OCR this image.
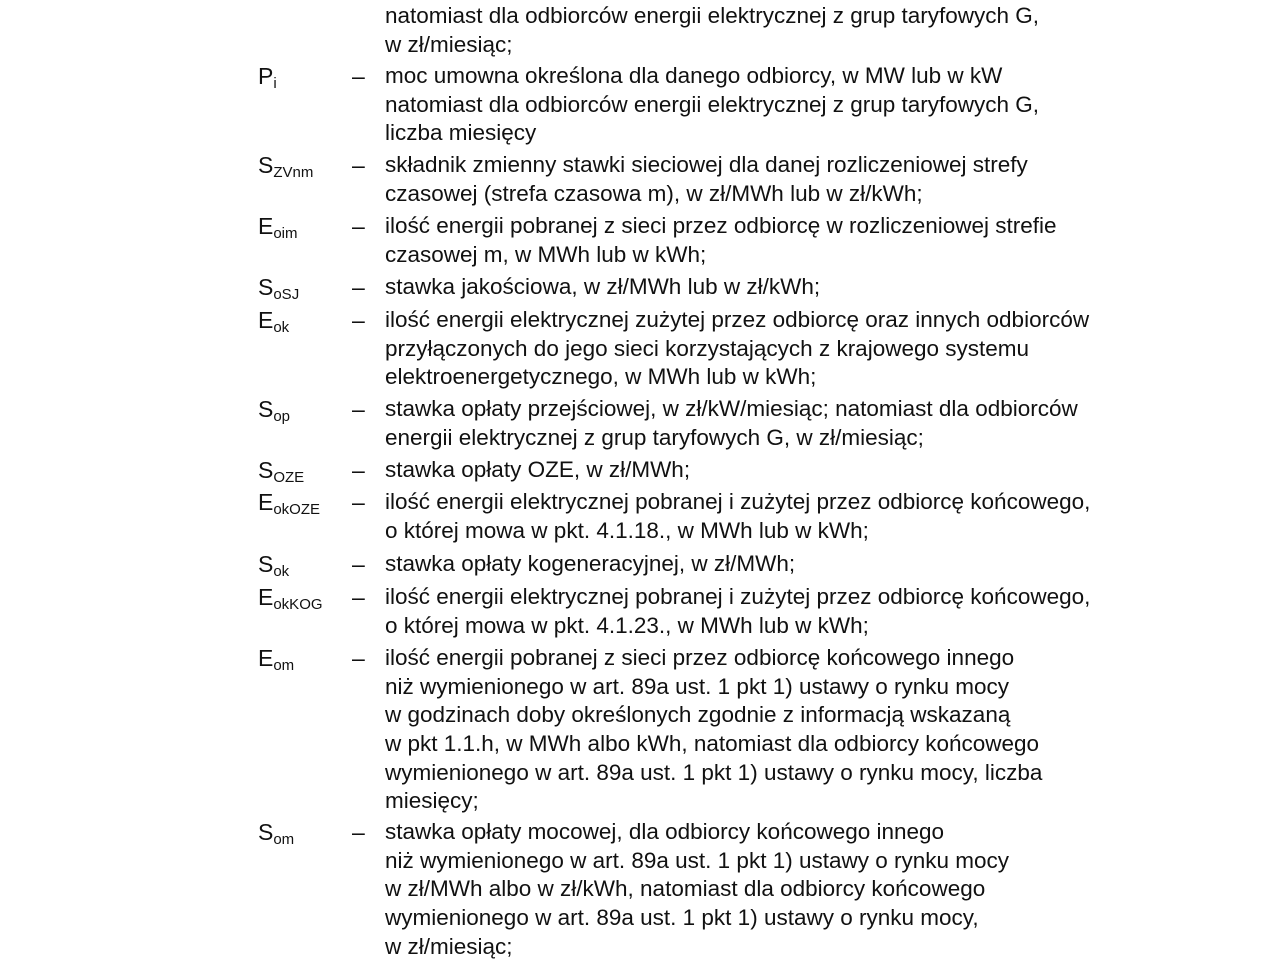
natomiast dla odbiorców energii elektrycznej z grup taryfowych G,
w zł/miesiąc;
$P_i$	– moc umowna określona dla danego odbiorcy, w MW lub w kW
natomiast dla odbiorców energii elektrycznej z grup taryfowych G,
liczba miesięcy
$S_{ZVnm}$ – składnik zmienny stawki sieciowej dla danej rozliczeniowej strefy
czasowej (strefa czasowa m), w zł/MWh lub w zł/kWh;
$E_{oim}$ – ilość energii pobranej z sieci przez odbiorcę w rozliczeniowej strefie
czasowej m, w MWh lub w kWh;
$S_{oSJ}$ – stawka jakościowa, w zł/MWh lub w zł/kWh;
$E_{ok}$	– ilość energii elektrycznej zużytej przez odbiorcę oraz innych odbiorców
przyłączonych do jego sieci korzystających z krajowego systemu
elektroenergetycznego, w MWh lub w kWh;
$S_{op}$	– stawka opłaty przejściowej, w zł/kW/miesiąc; natomiast dla odbiorców
energii elektrycznej z grup taryfowych G, w zł/miesiąc;
$S_{OZE}$ – stawka opłaty OZE, w zł/MWh;
$E_{okOZE}$ – ilość energii elektrycznej pobranej i zużytej przez odbiorcę końcowego,
o której mowa w pkt. 4.1.18., w MWh lub w kWh;
$S_{ok}$	– stawka opłaty kogeneracyjnej, w zł/MWh;
$E_{okKOG}$ – ilość energii elektrycznej pobranej i zużytej przez odbiorcę końcowego,
o której mowa w pkt. 4.1.23., w MWh lub w kWh;
$E_{om}$	– ilość energii pobranej z sieci przez odbiorcę końcowego innego
niż wymienionego w art. 89a ust. 1 pkt 1) ustawy o rynku mocy
w godzinach doby określonych zgodnie z informacją wskazaną
w pkt 1.1.h, w MWh albo kWh, natomiast dla odbiorcy końcowego
wymienionego w art. 89a ust. 1 pkt 1) ustawy o rynku mocy, liczba
miesięcy;
$S_{om}$	– stawka opłaty mocowej, dla odbiorcy końcowego innego
niż wymienionego w art. 89a ust. 1 pkt 1) ustawy o rynku mocy
w zł/MWh albo w zł/kWh, natomiast dla odbiorcy końcowego
wymienionego w art. 89a ust. 1 pkt 1) ustawy o rynku mocy,
w zł/miesiąc;
